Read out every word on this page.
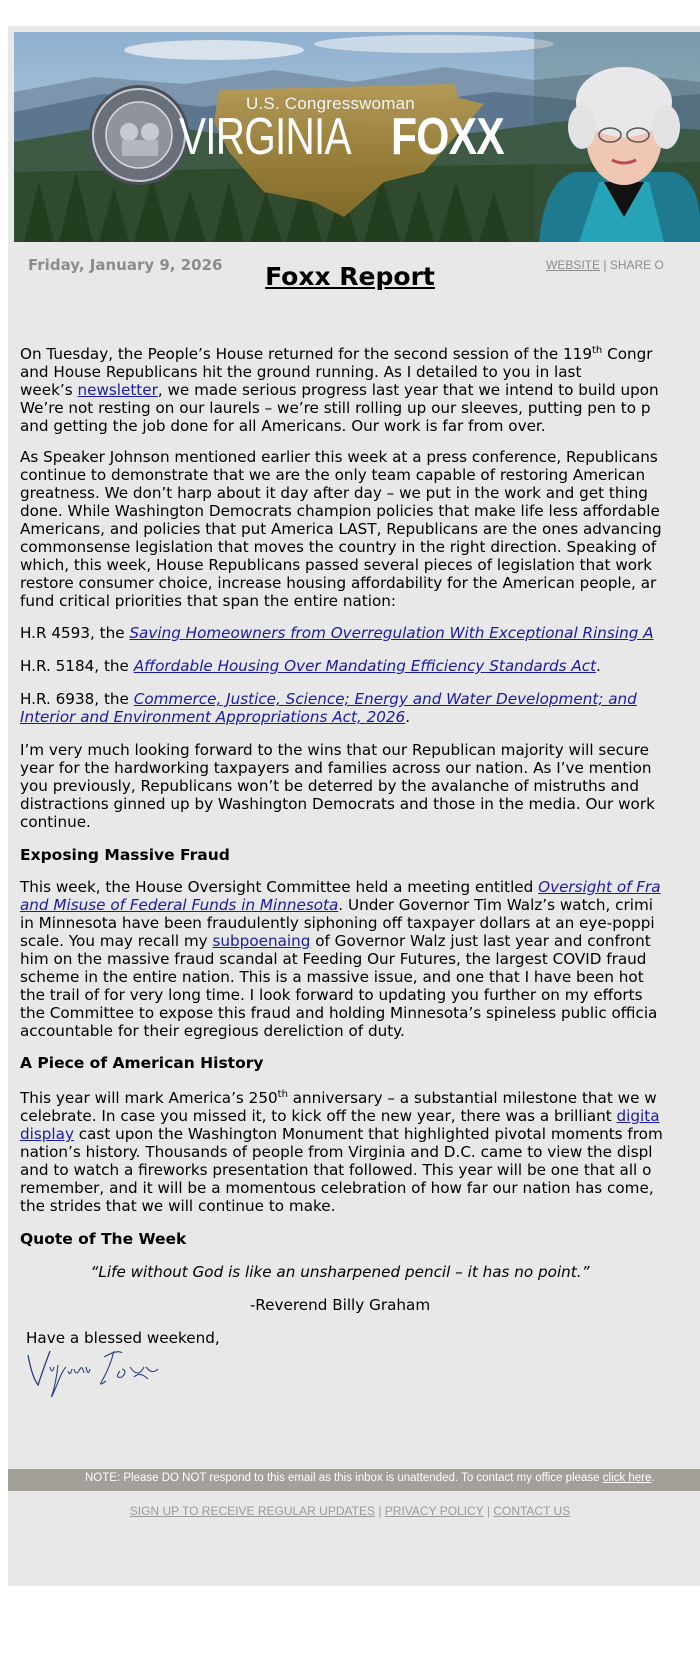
U.S. Congresswoman
VIRGINIA FOXX
Friday, January 9, 2026	WEBSITE | SHARE O
Foxx Report

On Tuesday, the People’s House returned for the second session of the 119th Congr

and House Republicans hit the ground running. As I detailed to you in last

week’s newsletter, we made serious progress last year that we intend to build upon

We’re not resting on our laurels – we’re still rolling up our sleeves, putting pen to p

and getting the job done for all Americans. Our work is far from over.

As Speaker Johnson mentioned earlier this week at a press conference, Republicans

continue to demonstrate that we are the only team capable of restoring American

greatness. We don’t harp about it day after day – we put in the work and get thing

done. While Washington Democrats champion policies that make life less affordable

Americans, and policies that put America LAST, Republicans are the ones advancing

commonsense legislation that moves the country in the right direction. Speaking of

which, this week, House Republicans passed several pieces of legislation that work

restore consumer choice, increase housing affordability for the American people, ar

fund critical priorities that span the entire nation:

H.R 4593, the Saving Homeowners from Overregulation With Exceptional Rinsing A

H.R. 5184, the Affordable Housing Over Mandating Efficiency Standards Act.

H.R. 6938, the Commerce, Justice, Science; Energy and Water Development; and

Interior and Environment Appropriations Act, 2026.

I’m very much looking forward to the wins that our Republican majority will secure

year for the hardworking taxpayers and families across our nation. As I’ve mention

you previously, Republicans won’t be deterred by the avalanche of mistruths and

distractions ginned up by Washington Democrats and those in the media. Our work

continue.

Exposing Massive Fraud

This week, the House Oversight Committee held a meeting entitled Oversight of Fra

and Misuse of Federal Funds in Minnesota. Under Governor Tim Walz’s watch, crimi

in Minnesota have been fraudulently siphoning off taxpayer dollars at an eye-poppi

scale. You may recall my subpoenaing of Governor Walz just last year and confront

him on the massive fraud scandal at Feeding Our Futures, the largest COVID fraud

scheme in the entire nation. This is a massive issue, and one that I have been hot

the trail of for very long time. I look forward to updating you further on my efforts

the Committee to expose this fraud and holding Minnesota’s spineless public officia

accountable for their egregious dereliction of duty.

A Piece of American History

This year will mark America’s 250th anniversary – a substantial milestone that we w

celebrate. In case you missed it, to kick off the new year, there was a brilliant digita

display cast upon the Washington Monument that highlighted pivotal moments from

nation’s history. Thousands of people from Virginia and D.C. came to view the displ

and to watch a fireworks presentation that followed. This year will be one that all o

remember, and it will be a momentous celebration of how far our nation has come,

the strides that we will continue to make.

Quote of The Week
“Life without God is like an unsharpened pencil – it has no point.”
-Reverend Billy Graham
Have a blessed weekend,
NOTE: Please DO NOT respond to this email as this inbox is unattended. To contact my office please click here.
SIGN UP TO RECEIVE REGULAR UPDATES | PRIVACY POLICY | CONTACT US
